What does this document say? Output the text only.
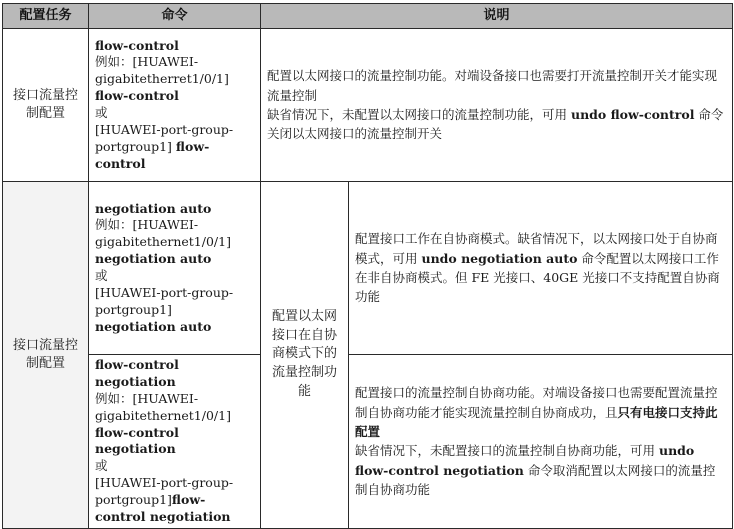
配置任务	命令	说明	
接口流量控制配置	flow-control
例如：[HUAWEI-gigabitetherret1/0/1]
flow-control
或
[HUAWEI-port-group-portgroup1] flow-control	配置以太网接口的流量控制功能。对端设备接口也需要打开流量控制开关才能实现流量控制
缺省情况下，未配置以太网接口的流量控制功能，可用 undo flow-control 命令关闭以太网接口的流量控制开关	
接口流量控制配置	negotiation auto
例如：[HUAWEI-gigabitethernet1/0/1]
negotiation auto
或
[HUAWEI-port-group-portgroup1] negotiation auto	配置以太网接口在自协商模式下的流量控制功能	配置接口工作在自协商模式。缺省情况下，以太网接口处于自协商模式，可用 undo negotiation auto 命令配置以太网接口工作在非自协商模式。但 FE 光接口、40GE 光接口不支持配置自协商功能
	flow-control negotiation
例如：[HUAWEI-gigabitethernet1/0/1]
flow-control negotiation
或
[HUAWEI-port-group-portgroup1]flow-control negotiation		配置接口的流量控制自协商功能。对端设备接口也需要配置流量控制自协商功能才能实现流量控制自协商成功，且只有电接口支持此配置
缺省情况下，未配置接口的流量控制自协商功能，可用 undo flow-control negotiation 命令取消配置以太网接口的流量控制自协商功能
